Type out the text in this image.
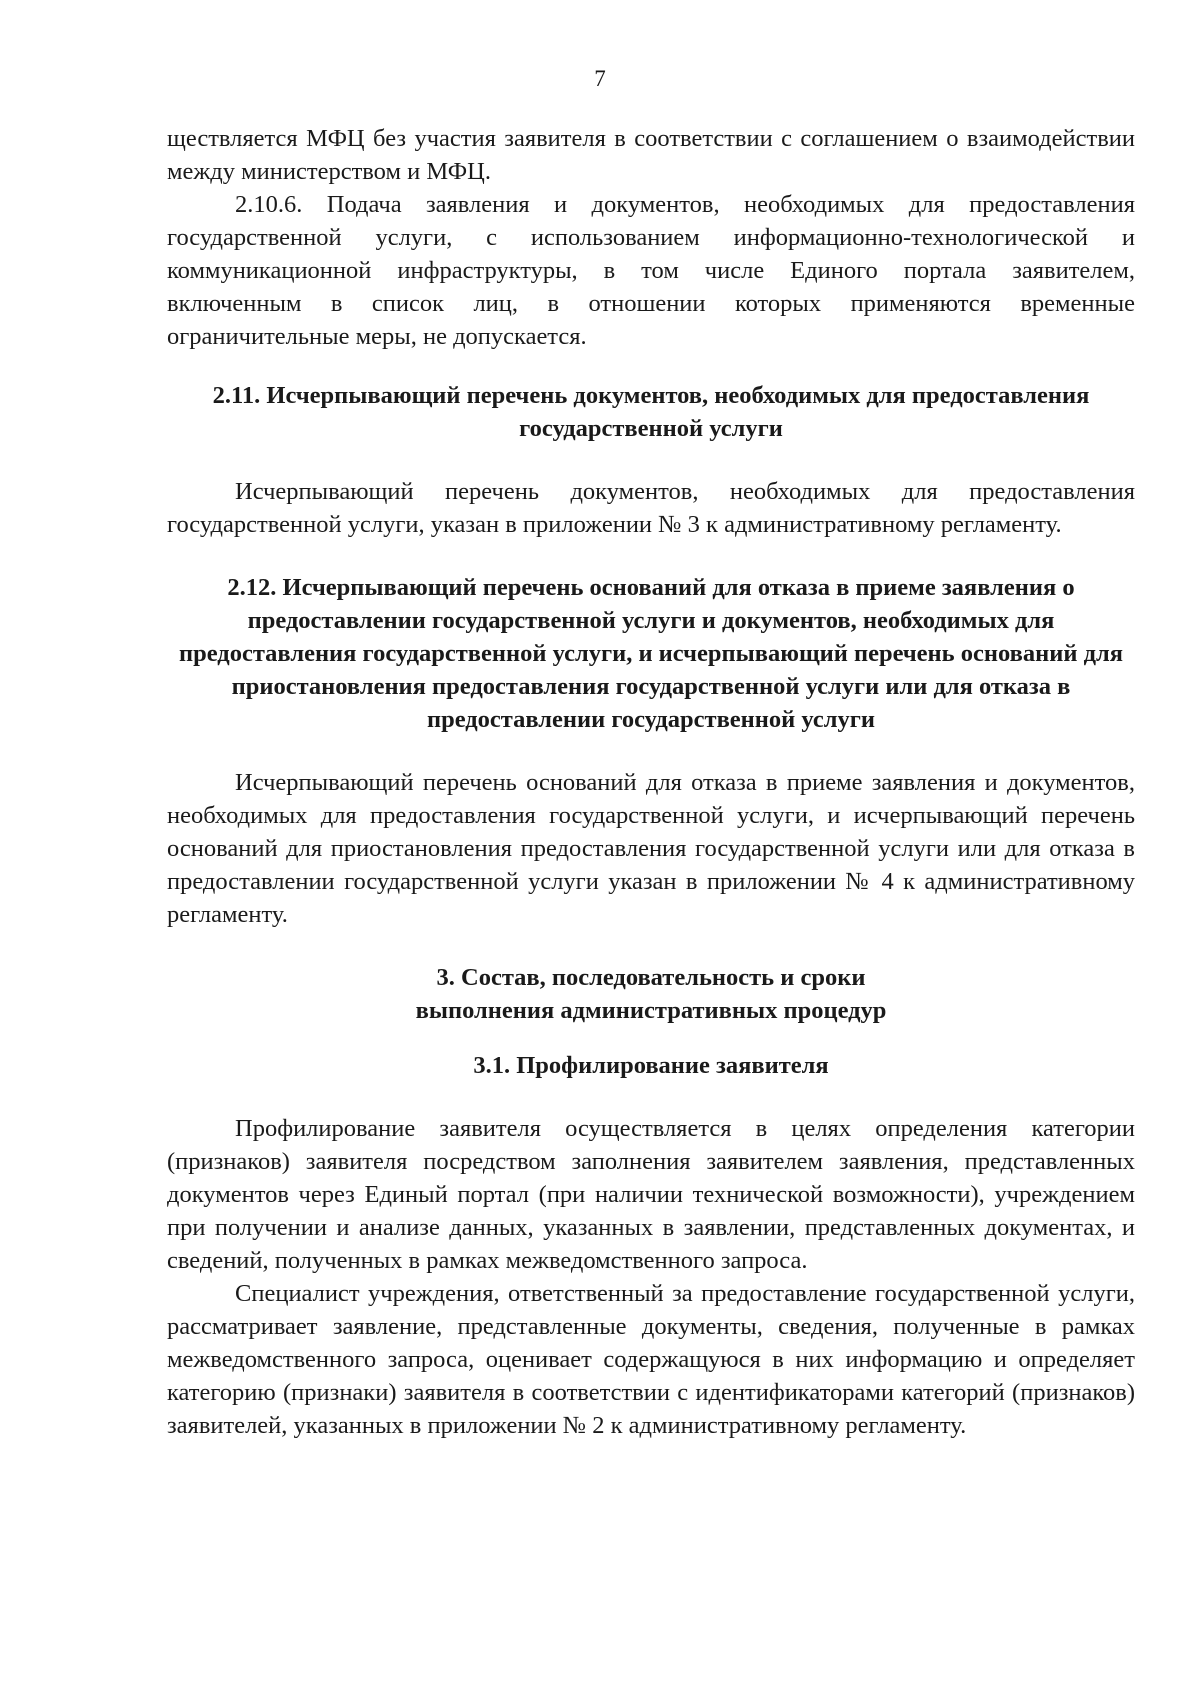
7

ществляется МФЦ без участия заявителя в соответствии с соглашением о взаимодействии между министерством и МФЦ.

2.10.6. Подача заявления и документов, необходимых для предоставления государственной услуги, с использованием информационно-технологической и коммуникационной инфраструктуры, в том числе Единого портала заявителем, включенным в список лиц, в отношении которых применяются временные ограничительные меры, не допускается.

2.11. Исчерпывающий перечень документов, необходимых для предоставления государственной услуги

Исчерпывающий перечень документов, необходимых для предоставления государственной услуги, указан в приложении № 3 к административному регламенту.

2.12. Исчерпывающий перечень оснований для отказа в приеме заявления о предоставлении государственной услуги и документов, необходимых для предоставления государственной услуги, и исчерпывающий перечень оснований для приостановления предоставления государственной услуги или для отказа в предоставлении государственной услуги

Исчерпывающий перечень оснований для отказа в приеме заявления и документов, необходимых для предоставления государственной услуги, и исчерпывающий перечень оснований для приостановления предоставления государственной услуги или для отказа в предоставлении государственной услуги указан в приложении № 4 к административному регламенту.

3. Состав, последовательность и сроки выполнения административных процедур
3.1. Профилирование заявителя

Профилирование заявителя осуществляется в целях определения категории (признаков) заявителя посредством заполнения заявителем заявления, представленных документов через Единый портал (при наличии технической возможности), учреждением при получении и анализе данных, указанных в заявлении, представленных документах, и сведений, полученных в рамках межведомственного запроса.

Специалист учреждения, ответственный за предоставление государственной услуги, рассматривает заявление, представленные документы, сведения, полученные в рамках межведомственного запроса, оценивает содержащуюся в них информацию и определяет категорию (признаки) заявителя в соответствии с идентификаторами категорий (признаков) заявителей, указанных в приложении № 2 к административному регламенту.
